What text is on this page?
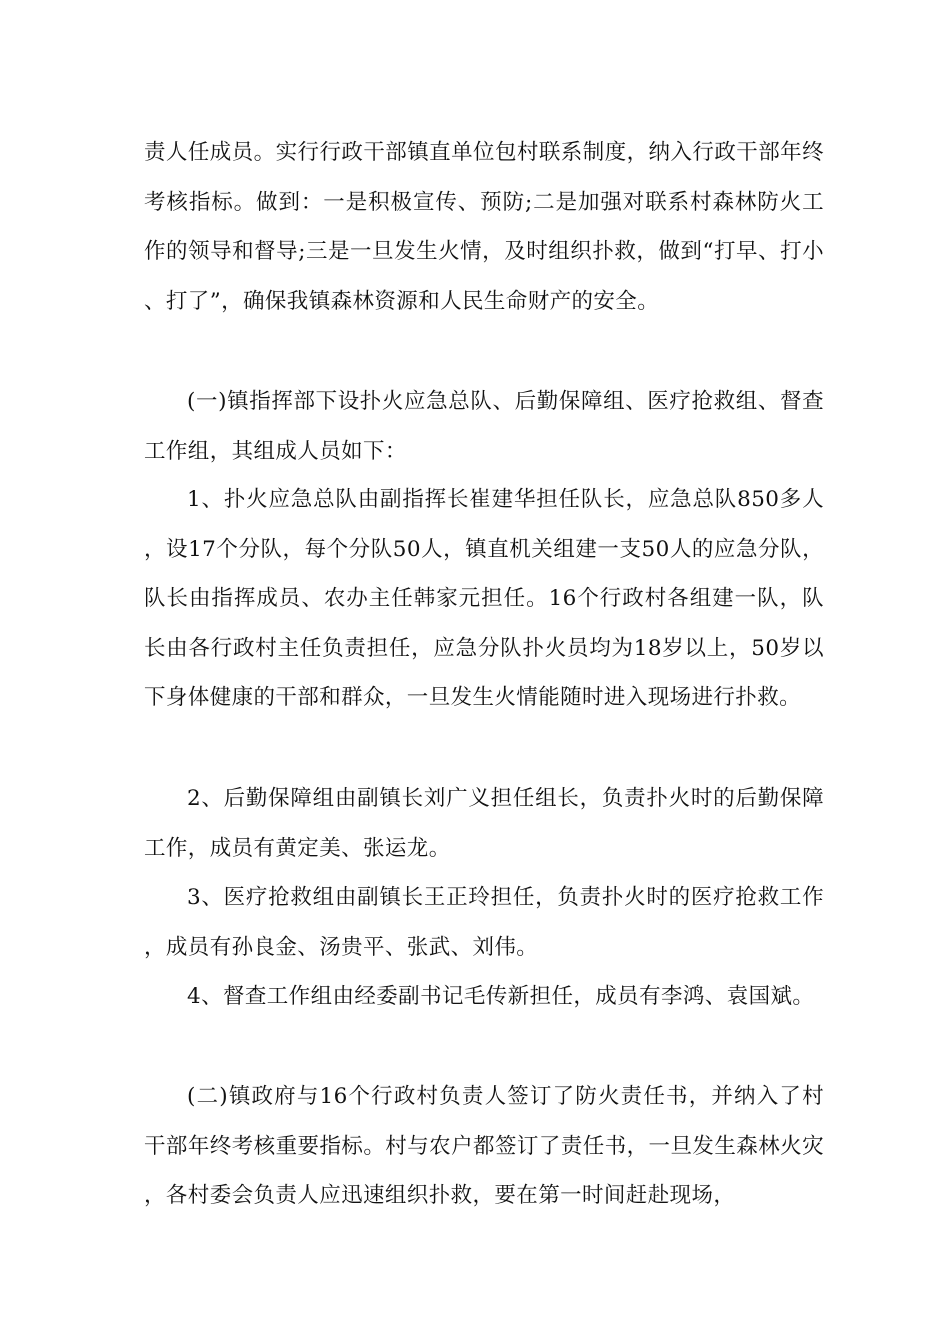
责人任成员。实行行政干部镇直单位包村联系制度，纳入行政干部年终考核指标。做到：一是积极宣传、预防;二是加强对联系村森林防火工作的领导和督导;三是一旦发生火情，及时组织扑救，做到“打早、打小、打了”，确保我镇森林资源和人民生命财产的安全。

(一)镇指挥部下设扑火应急总队、后勤保障组、医疗抢救组、督查工作组，其组成人员如下：

1、扑火应急总队由副指挥长崔建华担任队长，应急总队850多人，设17个分队，每个分队50人，镇直机关组建一支50人的应急分队，队长由指挥成员、农办主任韩家元担任。16个行政村各组建一队，队长由各行政村主任负责担任，应急分队扑火员均为18岁以上，50岁以下身体健康的干部和群众，一旦发生火情能随时进入现场进行扑救。

2、后勤保障组由副镇长刘广义担任组长，负责扑火时的后勤保障工作，成员有黄定美、张运龙。

3、医疗抢救组由副镇长王正玲担任，负责扑火时的医疗抢救工作，成员有孙良金、汤贵平、张武、刘伟。

4、督查工作组由经委副书记毛传新担任，成员有李鸿、袁国斌。

(二)镇政府与16个行政村负责人签订了防火责任书，并纳入了村干部年终考核重要指标。村与农户都签订了责任书，一旦发生森林火灾，各村委会负责人应迅速组织扑救，要在第一时间赶赴现场，
